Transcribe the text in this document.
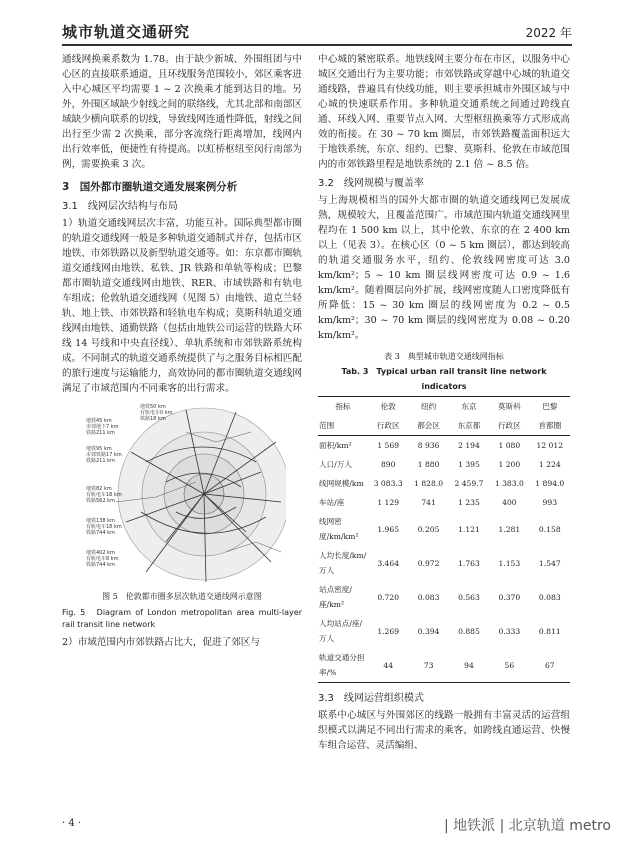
城市轨道交通研究	2022 年

通线网换乘系数为 1.78。由于缺少新城、外围组团与中心区的直接联系通道，且环线服务范围较小，郊区乘客进入中心城区平均需要 1 ~ 2 次换乘才能到达目的地。另外，外围区域缺少射线之间的联络线，尤其北部和南部区域缺少横向联系的切线，导致线网连通性降低，射线之间出行至少需 2 次换乘，部分客流绕行距离增加，线网内出行效率低，便捷性有待提高。以虹桥枢纽至闵行南部为例，需要换乘 3 次。

3　国外都市圈轨道交通发展案例分析
3.1　线网层次结构与布局

1）轨道交通线网层次丰富，功能互补。国际典型都市圈的轨道交通线网一般是多种轨道交通制式并存，包括市区地铁、市郊铁路以及新型轨道交通等。如：东京都市圈轨道交通线网由地铁、私铁、JR 铁路和单轨等构成；巴黎都市圈轨道交通线网由地铁、RER、市域铁路和有轨电车组成；伦敦轨道交通线网（见图 5）由地铁、道克兰轻轨、地上铁、市郊铁路和轻轨电车构成；莫斯科轨道交通线网由地铁、通勤铁路（包括由地铁公司运营的铁路大环线 14 号线和中央直径线）、单轨系统和市郊铁路系统构成。不同制式的轨道交通系统提供了与之服务目标相匹配的旅行速度与运输能力，高效协同的都市圈轨道交通线网满足了市域范围内不同乘客的出行需求。

地铁50 km
有轨电车0 km
铁路18 km
地铁45 km
市郊地下7 km
铁路211 km
地铁95 km
市郊铁路17 km
铁路211 km
地铁82 km
有轨电车18 km
铁路562 km
地铁138 km
有轨电车18 km
铁路744 km
地铁402 km
有轨电车8 km
铁路744 km
图 5　伦敦都市圈多层次轨道交通线网示意图
Fig. 5　Diagram of London metropolitan area multi-layer rail transit line network

2）市域范围内市郊铁路占比大，促进了郊区与

中心城的紧密联系。地铁线网主要分布在市区，以服务中心城区交通出行为主要功能；市郊铁路或穿越中心城的轨道交通线路，普遍具有快线功能，则主要承担城市外围区域与中心城的快速联系作用。多种轨道交通系统之间通过跨线直通、环线入网、重要节点入网、大型枢纽换乘等方式形成高效的衔接。在 30 ~ 70 km 圈层，市郊铁路覆盖面积远大于地铁系统，东京、纽约、巴黎、莫斯科、伦敦在市域范围内的市郊铁路里程是地铁系统的 2.1 倍 ~ 8.5 倍。

3.2　线网规模与覆盖率

与上海规模相当的国外大都市圈的轨道交通线网已发展成熟，规模较大，且覆盖范围广。市域范围内轨道交通线网里程均在 1 500 km 以上，其中伦敦、东京的在 2 400 km 以上（见表 3）。在核心区（0 ~ 5 km 圈层），都达到较高的轨道交通服务水平，纽约、伦敦线网密度可达 3.0 km/km²；5 ~ 10 km 圈层线网密度可达 0.9 ~ 1.6 km/km²。随着圈层向外扩展，线网密度随人口密度降低有所降低：15 ~ 30 km 圈层的线网密度为 0.2 ~ 0.5 km/km²；30 ~ 70 km 圈层的线网密度为 0.08 ~ 0.20 km/km²。

表 3　典型城市轨道交通线网指标
Tab. 3　Typical urban rail transit line network indicators
指标	伦敦	纽约	东京	莫斯科	巴黎
范围	行政区	都会区	东京都	行政区	首都圈
面积/km²	1 569	8 936	2 194	1 080	12 012
人口/万人	890	1 880	1 395	1 200	1 224
线网规模/km	3 083.3	1 828.0	2 459.7	1 383.0	1 894.0
车站/座	1 129	741	1 235	400	993
线网密度/km/km²	1.965	0.205	1.121	1.281	0.158
人均长度/km/万人	3.464	0.972	1.763	1.153	1.547
站点密度/座/km²	0.720	0.083	0.563	0.370	0.083
人均站点/座/万人	1.269	0.394	0.885	0.333	0.811
轨道交通分担率/%	44	73	94	56	67
3.3　线网运营组织模式

联系中心城区与外围郊区的线路一般拥有丰富灵活的运营组织模式以满足不同出行需求的乘客，如跨线直通运营、快慢车组合运营、灵活编组、

· 4 ·	| 地铁派 | 北京轨道 metro
